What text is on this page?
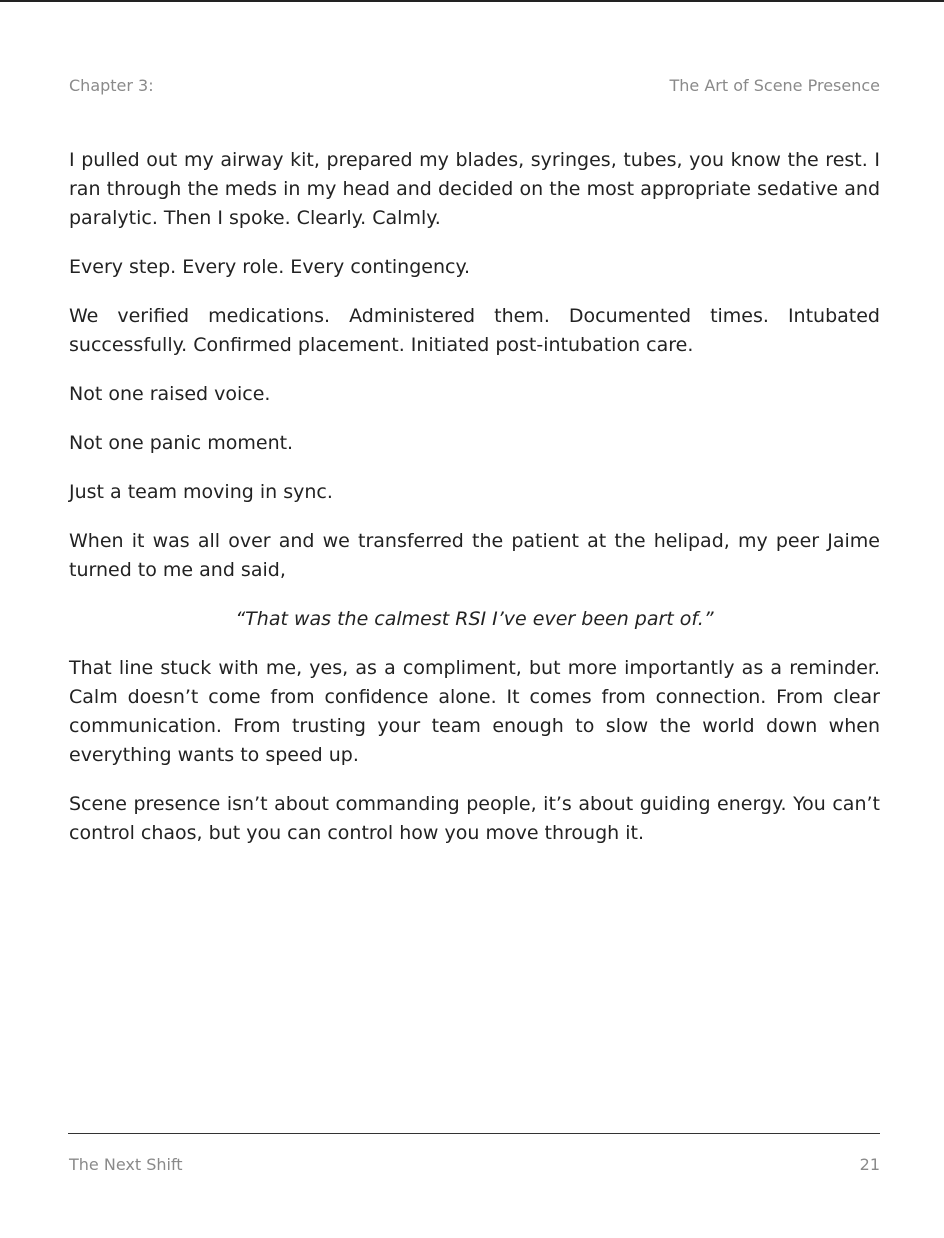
Chapter 3:	The Art of Scene Presence

I pulled out my airway kit, prepared my blades, syringes, tubes, you know the rest. I ran through the meds in my head and decided on the most appropriate sedative and paralytic. Then I spoke. Clearly. Calmly.

Every step. Every role. Every contingency.

We verified medications. Administered them. Documented times. Intubated successfully. Confirmed placement. Initiated post-intubation care.

Not one raised voice.

Not one panic moment.

Just a team moving in sync.

When it was all over and we transferred the patient at the helipad, my peer Jaime turned to me and said,

“That was the calmest RSI I’ve ever been part of.”

That line stuck with me, yes, as a compliment, but more importantly as a reminder. Calm doesn’t come from confidence alone. It comes from connection. From clear communication. From trusting your team enough to slow the world down when everything wants to speed up.

Scene presence isn’t about commanding people, it’s about guiding energy. You can’t control chaos, but you can control how you move through it.

The Next Shift	21
